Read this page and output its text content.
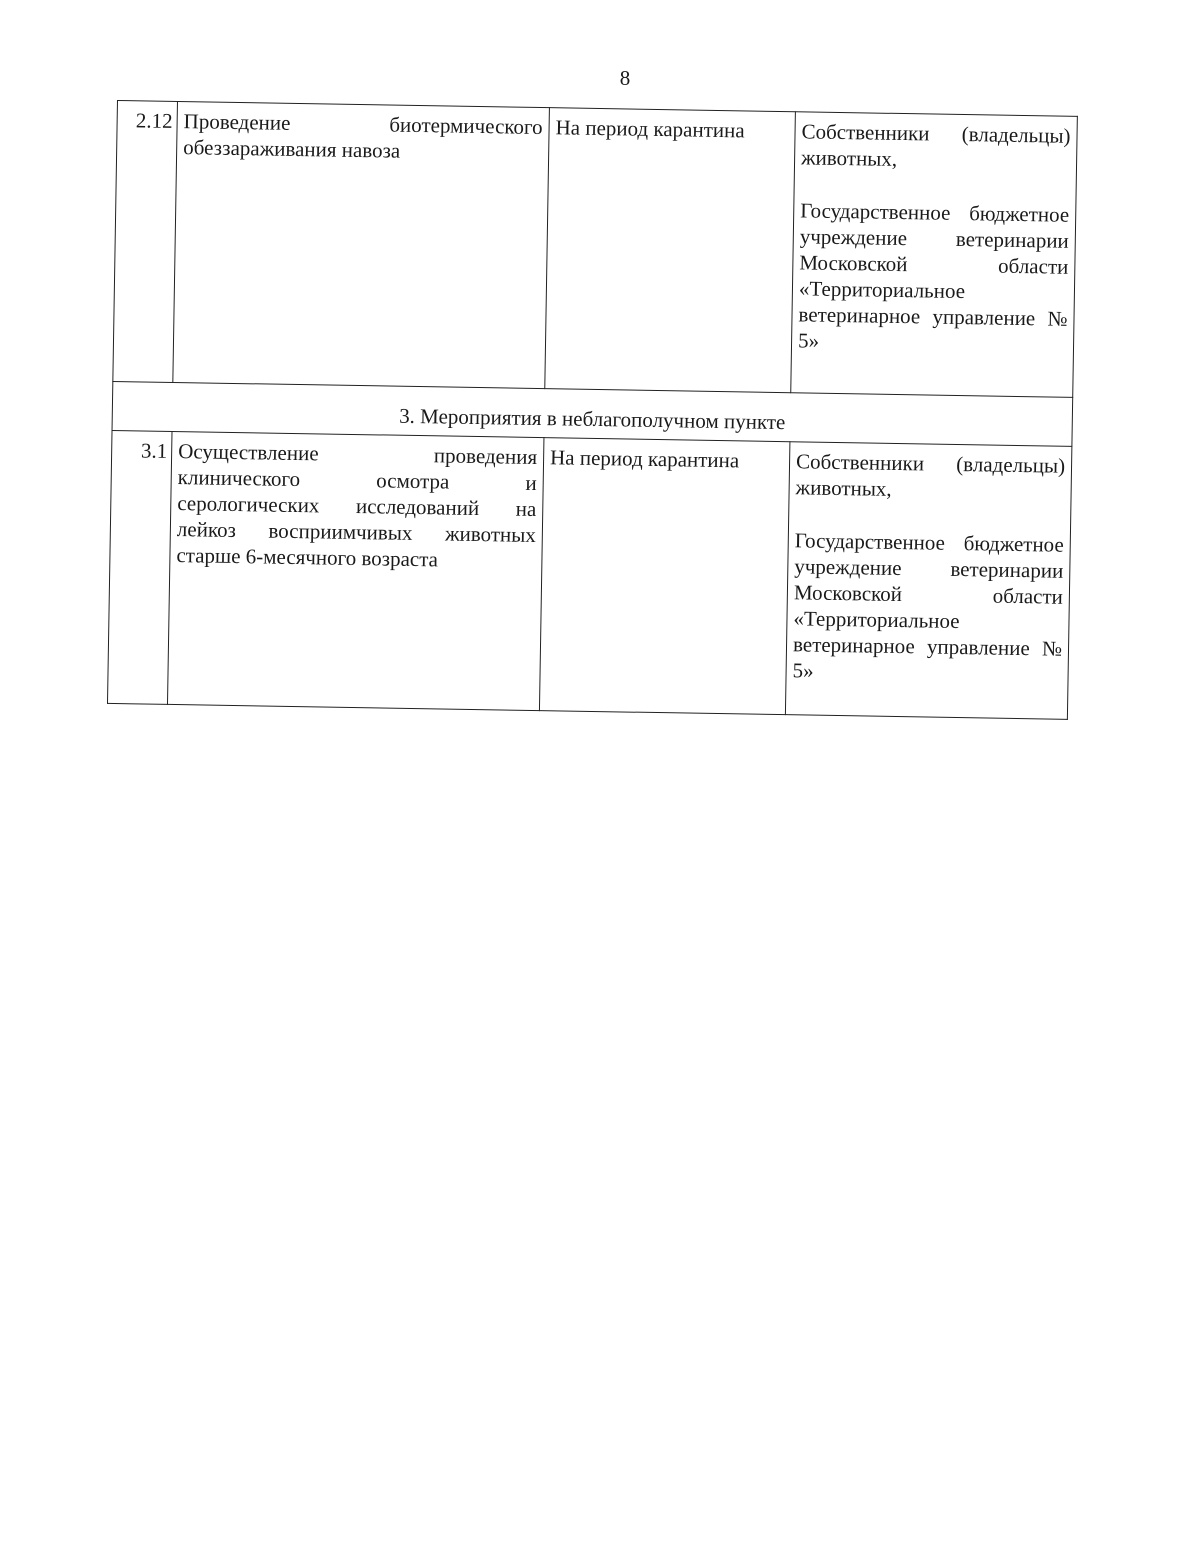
8
2.12	Проведение биотермического обеззараживания навоза	На период карантина	Собственники (владельцы) животных,

Государственное бюджетное учреждение ветеринарии Московской области «Территориальное ветеринарное управление № 5»

3. Мероприятия в неблагополучном пункте			
3.1	Осуществление проведения клинического осмотра и серологических исследований на лейкоз восприимчивых животных старше 6-месячного возраста	На период карантина	Собственники (владельцы) животных,

Государственное бюджетное учреждение ветеринарии Московской области «Территориальное ветеринарное управление № 5»
